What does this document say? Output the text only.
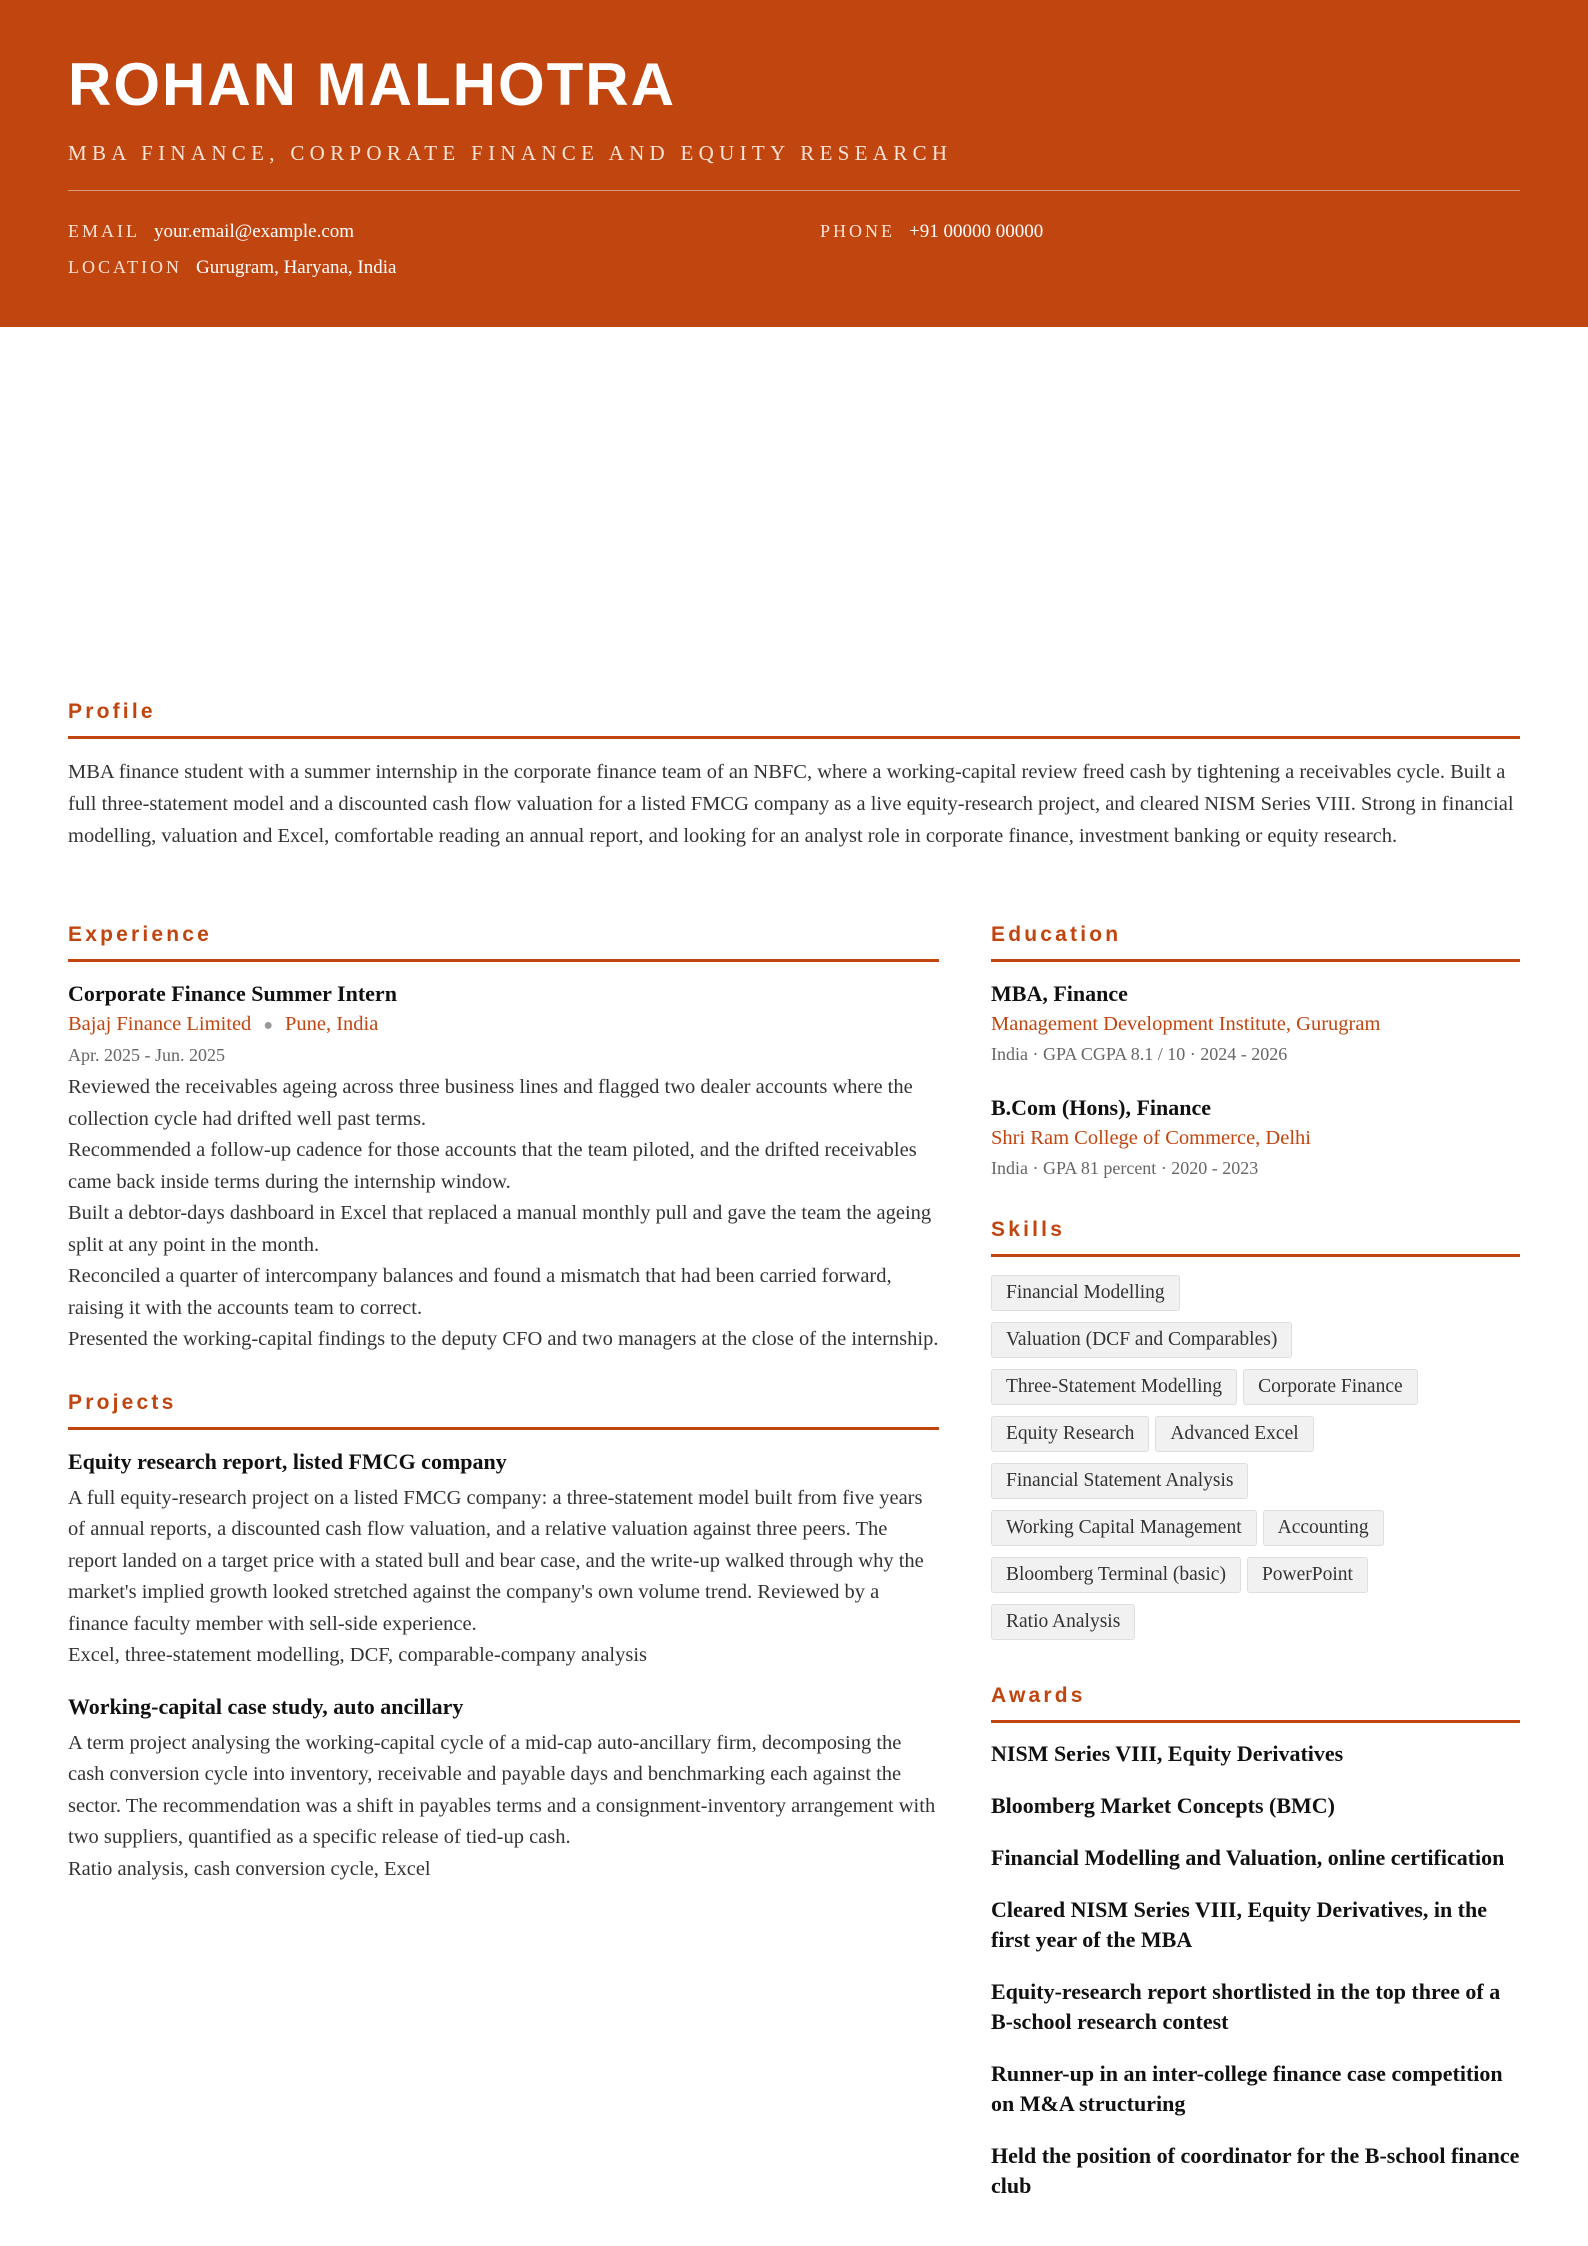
ROHAN MALHOTRA
MBA FINANCE, CORPORATE FINANCE AND EQUITY RESEARCH
EMAIL your.email@example.com	PHONE +91 00000 00000
LOCATION Gurugram, Haryana, India
Profile

MBA finance student with a summer internship in the corporate finance team of an NBFC, where a working-capital review freed cash by tightening a receivables cycle. Built a full three-statement model and a discounted cash flow valuation for a listed FMCG company as a live equity-research project, and cleared NISM Series VIII. Strong in financial modelling, valuation and Excel, comfortable reading an annual report, and looking for an analyst role in corporate finance, investment banking or equity research.

Experience
Corporate Finance Summer Intern
Bajaj Finance Limited ● Pune, India
Apr. 2025 - Jun. 2025
Reviewed the receivables ageing across three business lines and flagged two dealer accounts where the collection cycle had drifted well past terms.
Recommended a follow-up cadence for those accounts that the team piloted, and the drifted receivables came back inside terms during the internship window.
Built a debtor-days dashboard in Excel that replaced a manual monthly pull and gave the team the ageing split at any point in the month.
Reconciled a quarter of intercompany balances and found a mismatch that had been carried forward, raising it with the accounts team to correct.
Presented the working-capital findings to the deputy CFO and two managers at the close of the internship.
Projects
Equity research report, listed FMCG company
A full equity-research project on a listed FMCG company: a three-statement model built from five years of annual reports, a discounted cash flow valuation, and a relative valuation against three peers. The report landed on a target price with a stated bull and bear case, and the write-up walked through why the market's implied growth looked stretched against the company's own volume trend. Reviewed by a finance faculty member with sell-side experience.
Excel, three-statement modelling, DCF, comparable-company analysis
Working-capital case study, auto ancillary
A term project analysing the working-capital cycle of a mid-cap auto-ancillary firm, decomposing the cash conversion cycle into inventory, receivable and payable days and benchmarking each against the sector. The recommendation was a shift in payables terms and a consignment-inventory arrangement with two suppliers, quantified as a specific release of tied-up cash.
Ratio analysis, cash conversion cycle, Excel
Education
MBA, Finance
Management Development Institute, Gurugram
India · GPA CGPA 8.1 / 10 · 2024 - 2026
B.Com (Hons), Finance
Shri Ram College of Commerce, Delhi
India · GPA 81 percent · 2020 - 2023
Skills
Financial Modelling
Valuation (DCF and Comparables)
Three-Statement Modelling Corporate Finance
Equity Research Advanced Excel
Financial Statement Analysis
Working Capital Management Accounting
Bloomberg Terminal (basic) PowerPoint
Ratio Analysis
Awards
NISM Series VIII, Equity Derivatives
Bloomberg Market Concepts (BMC)
Financial Modelling and Valuation, online certification
Cleared NISM Series VIII, Equity Derivatives, in the first year of the MBA
Equity-research report shortlisted in the top three of a B-school research contest
Runner-up in an inter-college finance case competition on M&A structuring
Held the position of coordinator for the B-school finance club
